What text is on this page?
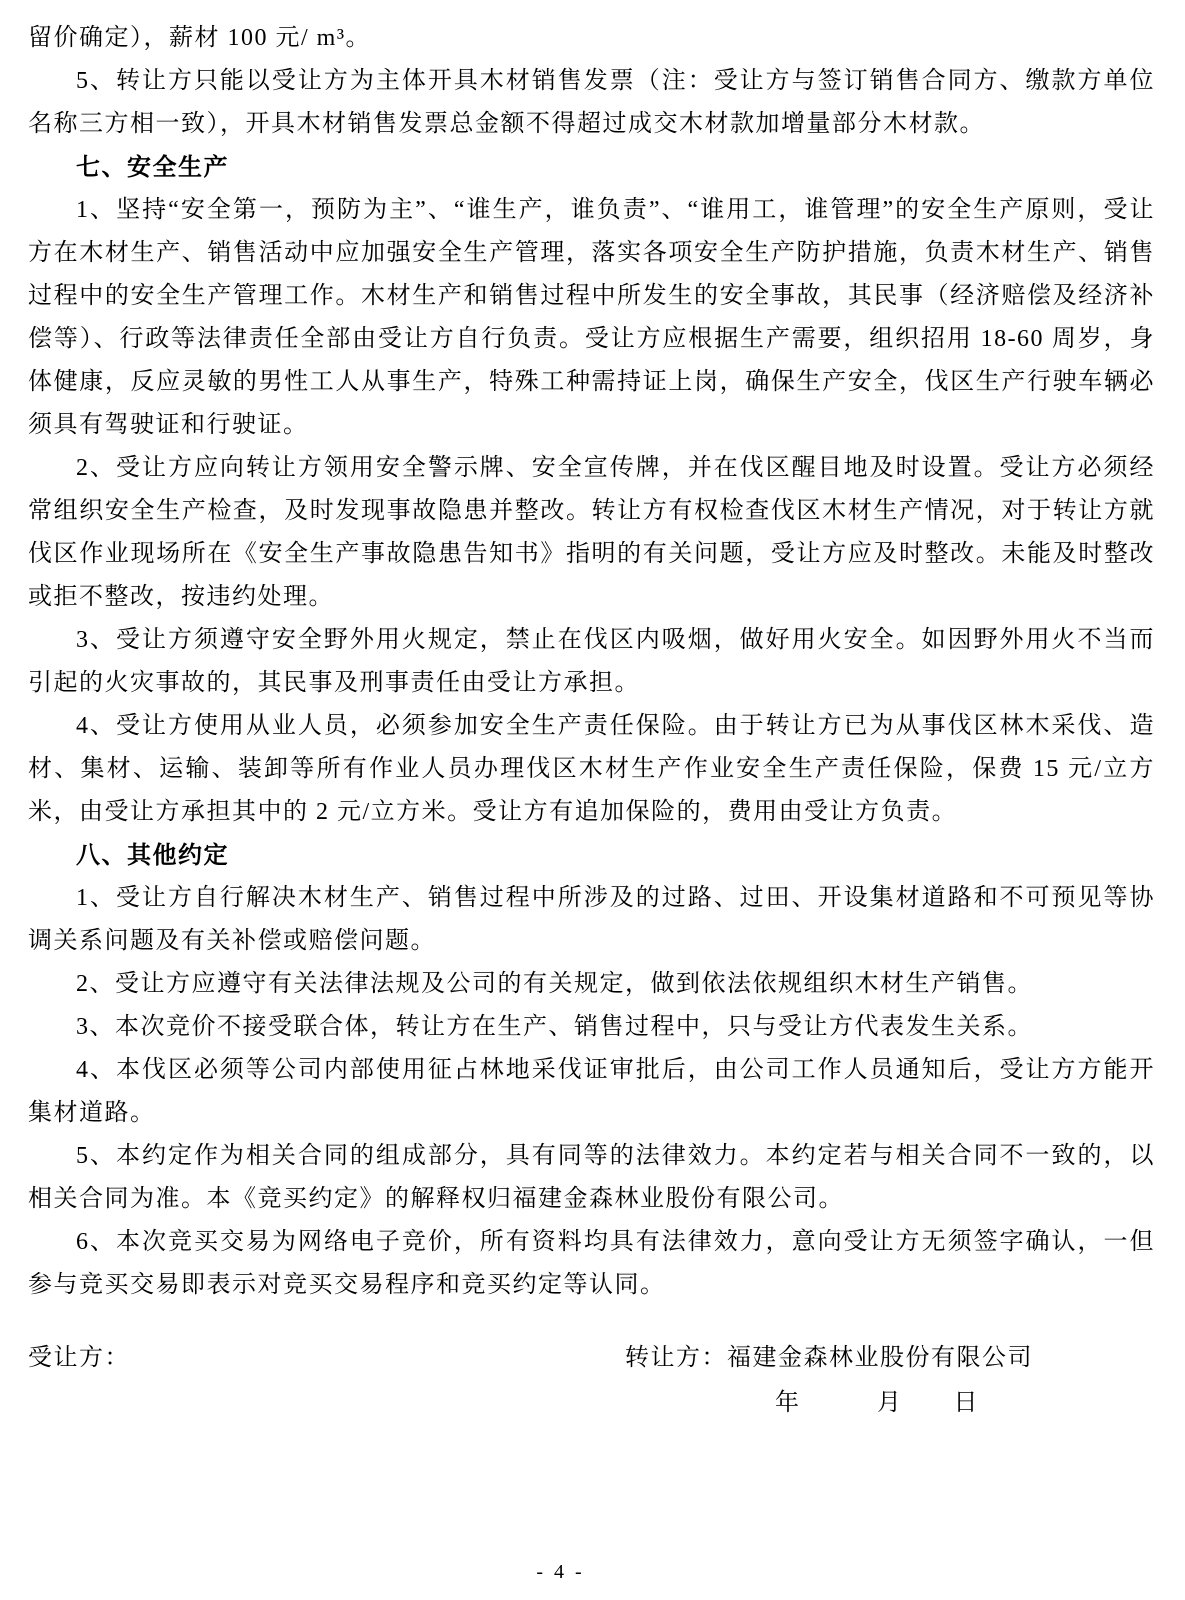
留价确定），薪材 100 元/ m³。

5、转让方只能以受让方为主体开具木材销售发票（注：受让方与签订销售合同方、缴款方单位名称三方相一致），开具木材销售发票总金额不得超过成交木材款加增量部分木材款。

七、安全生产

1、坚持“安全第一，预防为主”、“谁生产，谁负责”、“谁用工，谁管理”的安全生产原则，受让方在木材生产、销售活动中应加强安全生产管理，落实各项安全生产防护措施，负责木材生产、销售过程中的安全生产管理工作。木材生产和销售过程中所发生的安全事故，其民事（经济赔偿及经济补偿等）、行政等法律责任全部由受让方自行负责。受让方应根据生产需要，组织招用 18-60 周岁，身体健康，反应灵敏的男性工人从事生产，特殊工种需持证上岗，确保生产安全，伐区生产行驶车辆必须具有驾驶证和行驶证。

2、受让方应向转让方领用安全警示牌、安全宣传牌，并在伐区醒目地及时设置。受让方必须经常组织安全生产检查，及时发现事故隐患并整改。转让方有权检查伐区木材生产情况，对于转让方就伐区作业现场所在《安全生产事故隐患告知书》指明的有关问题，受让方应及时整改。未能及时整改或拒不整改，按违约处理。

3、受让方须遵守安全野外用火规定，禁止在伐区内吸烟，做好用火安全。如因野外用火不当而引起的火灾事故的，其民事及刑事责任由受让方承担。

4、受让方使用从业人员，必须参加安全生产责任保险。由于转让方已为从事伐区林木采伐、造材、集材、运输、装卸等所有作业人员办理伐区木材生产作业安全生产责任保险，保费 15 元/立方米，由受让方承担其中的 2 元/立方米。受让方有追加保险的，费用由受让方负责。

八、其他约定

1、受让方自行解决木材生产、销售过程中所涉及的过路、过田、开设集材道路和不可预见等协调关系问题及有关补偿或赔偿问题。

2、受让方应遵守有关法律法规及公司的有关规定，做到依法依规组织木材生产销售。

3、本次竞价不接受联合体，转让方在生产、销售过程中，只与受让方代表发生关系。

4、本伐区必须等公司内部使用征占林地采伐证审批后，由公司工作人员通知后，受让方方能开集材道路。

5、本约定作为相关合同的组成部分，具有同等的法律效力。本约定若与相关合同不一致的，以相关合同为准。本《竞买约定》的解释权归福建金森林业股份有限公司。

6、本次竞买交易为网络电子竞价，所有资料均具有法律效力，意向受让方无须签字确认，一但参与竞买交易即表示对竞买交易程序和竞买约定等认同。

受让方：	转让方：福建金森林业股份有限公司
年　　　月　　日
- 4 -
